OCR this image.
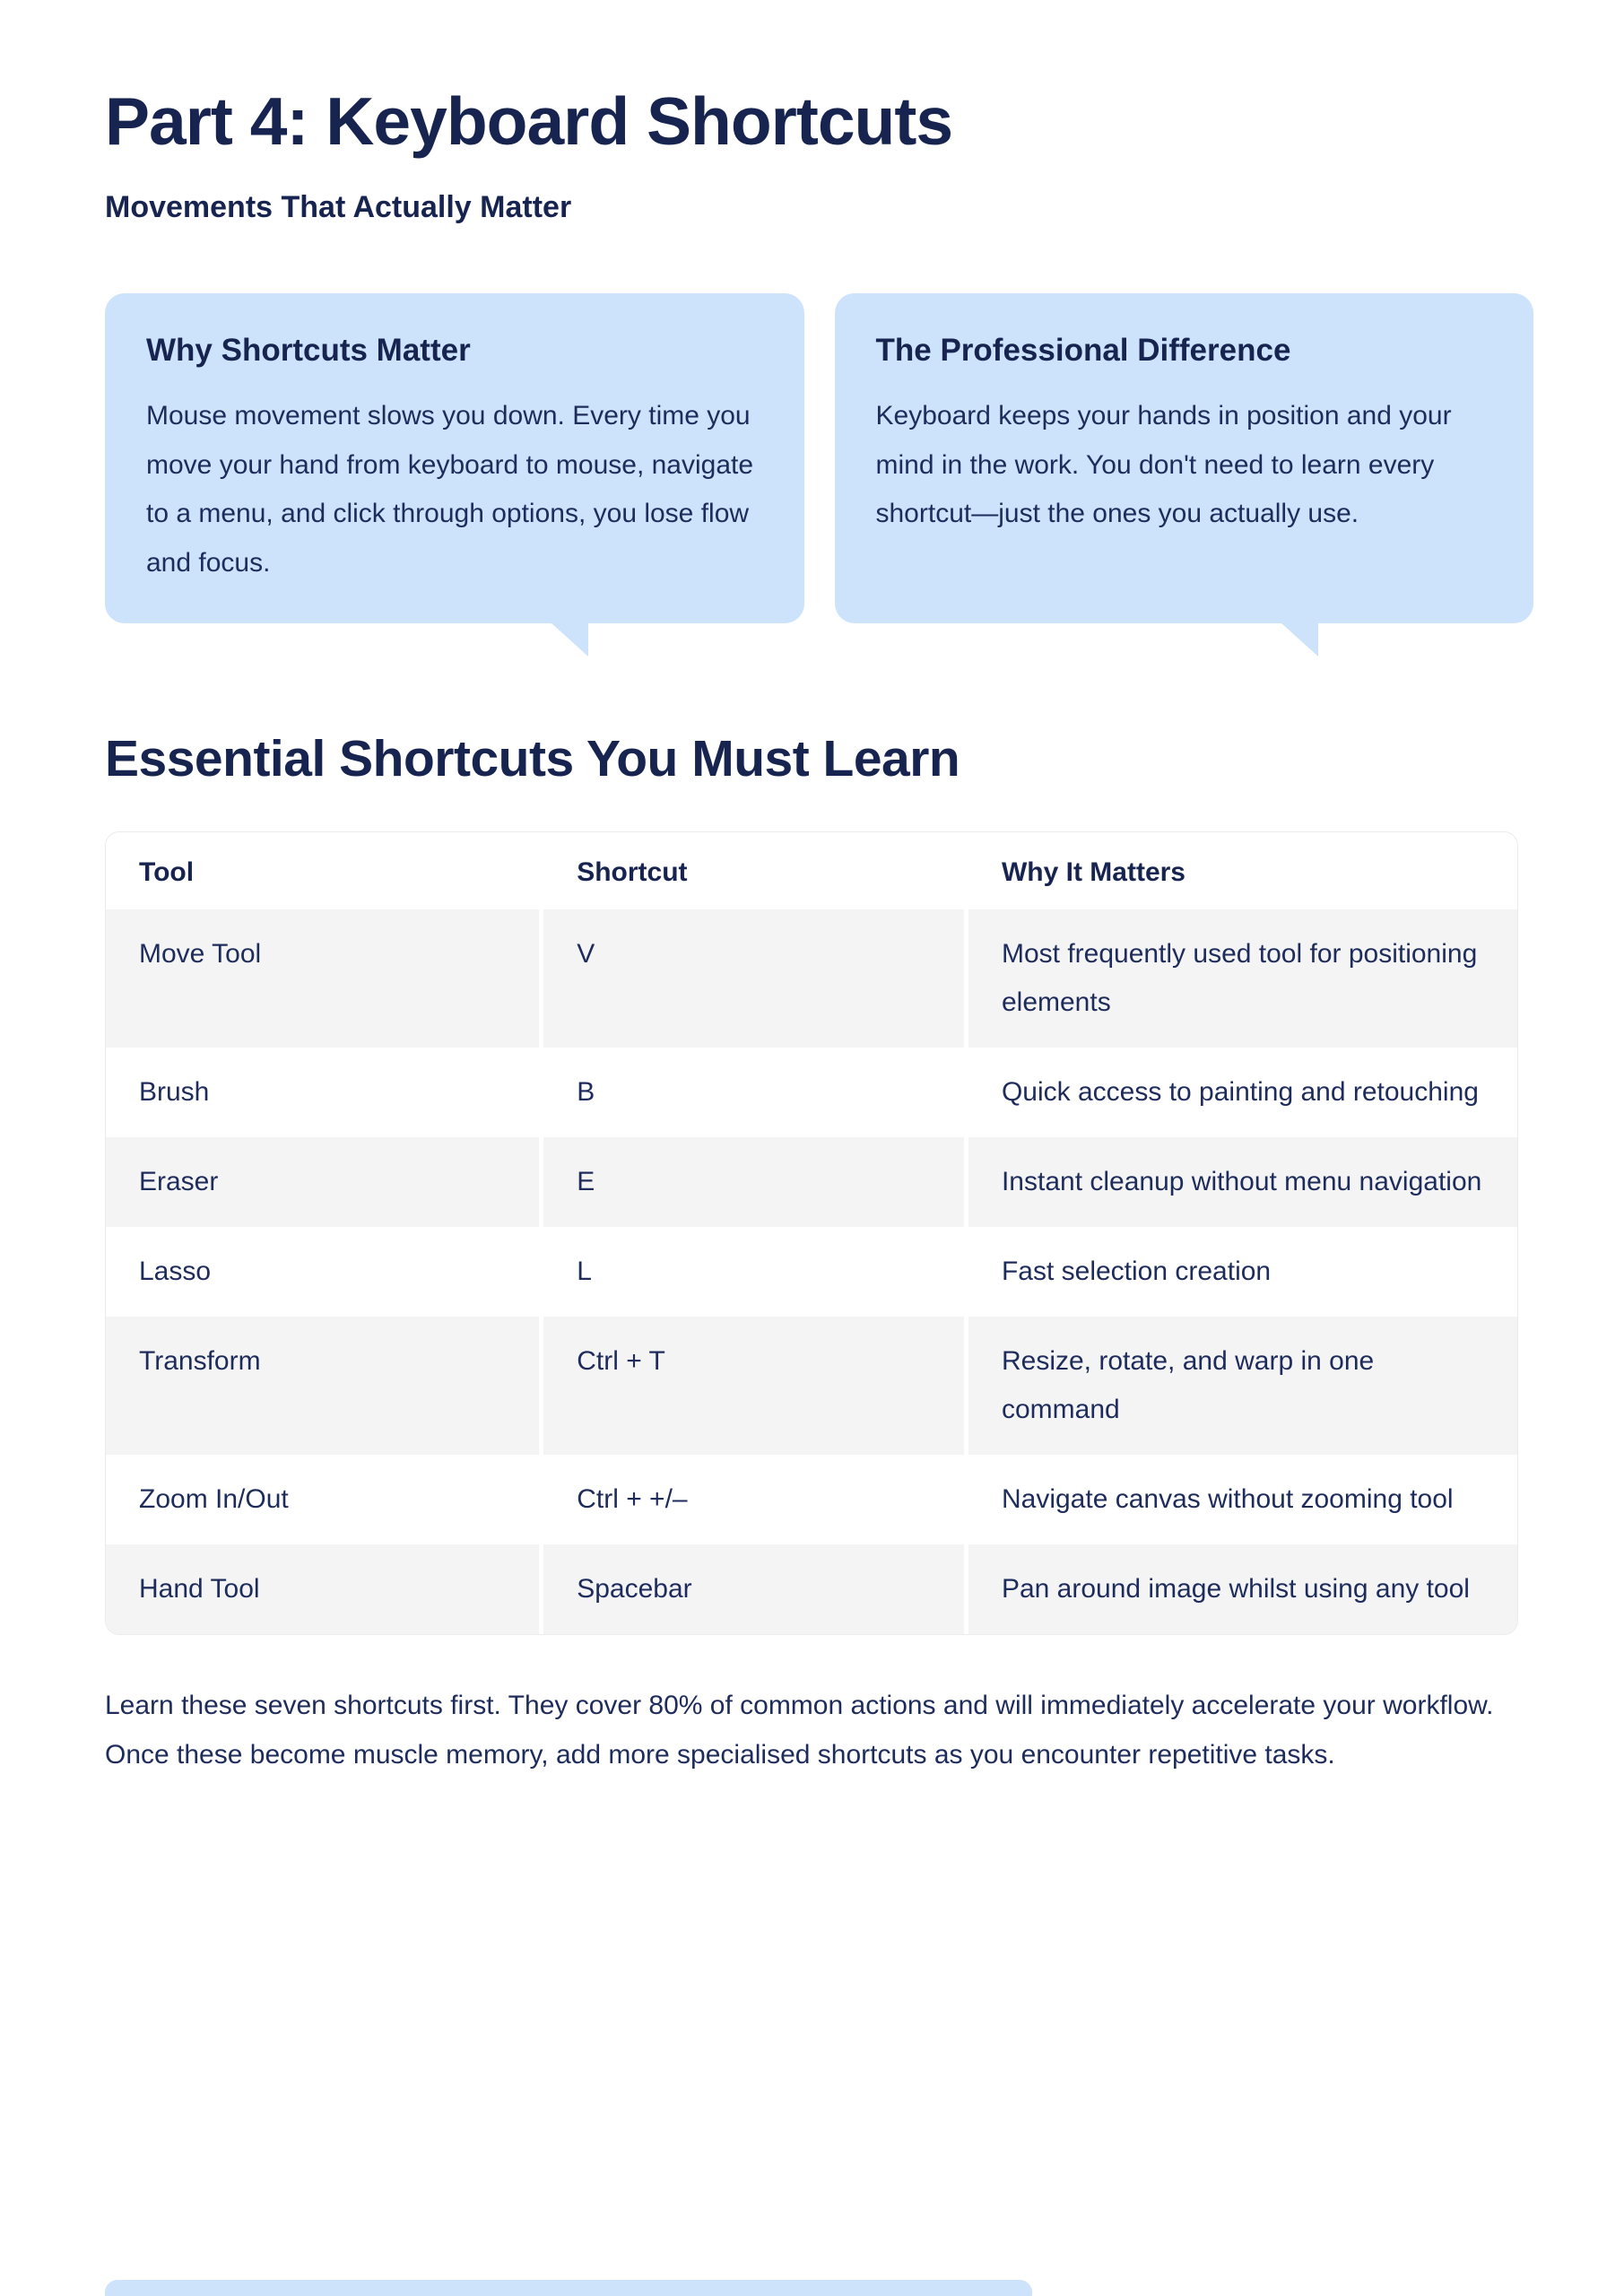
Part 4: Keyboard Shortcuts
Movements That Actually Matter
Why Shortcuts Matter
Mouse movement slows you down. Every time you move your hand from keyboard to mouse, navigate to a menu, and click through options, you lose flow and focus.
The Professional Difference
Keyboard keeps your hands in position and your mind in the work. You don't need to learn every shortcut—just the ones you actually use.
Essential Shortcuts You Must Learn
Tool	Shortcut	Why It Matters
Move Tool	V	Most frequently used tool for positioning elements
Brush	B	Quick access to painting and retouching
Eraser	E	Instant cleanup without menu navigation
Lasso	L	Fast selection creation
Transform	Ctrl + T	Resize, rotate, and warp in one command
Zoom In/Out	Ctrl + +/–	Navigate canvas without zooming tool
Hand Tool	Spacebar	Pan around image whilst using any tool

Learn these seven shortcuts first. They cover 80% of common actions and will immediately accelerate your workflow. Once these become muscle memory, add more specialised shortcuts as you encounter repetitive tasks.
